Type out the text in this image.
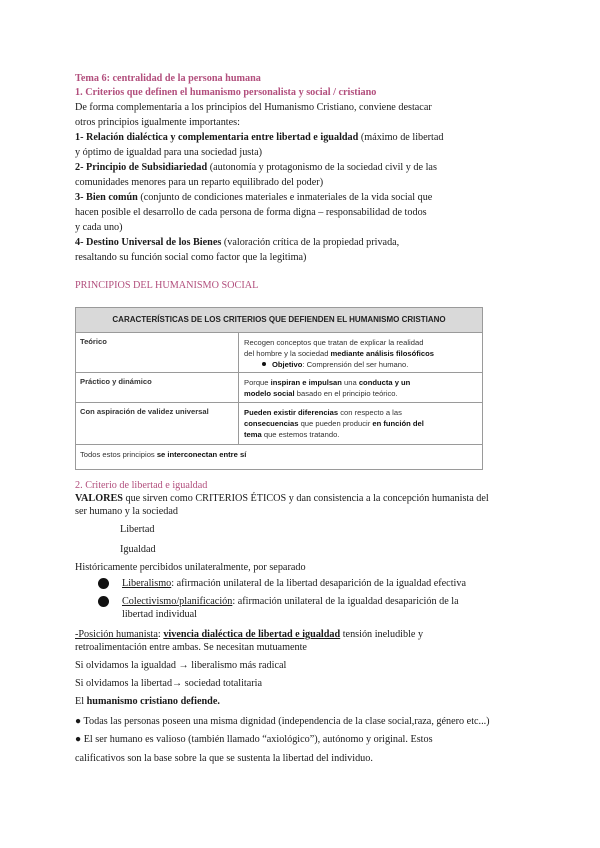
Tema 6: centralidad de la persona humana
1. Criterios que definen el humanismo personalista y social / cristiano
De forma complementaria a los principios del Humanismo Cristiano, conviene destacar
otros principios igualmente importantes:
1- Relación dialéctica y complementaria entre libertad e igualdad (máximo de libertad
y óptimo de igualdad para una sociedad justa)
2- Principio de Subsidiariedad (autonomía y protagonismo de la sociedad civil y de las
comunidades menores para un reparto equilibrado del poder)
3- Bien común (conjunto de condiciones materiales e inmateriales de la vida social que
hacen posible el desarrollo de cada persona de forma digna – responsabilidad de todos
y cada uno)
4- Destino Universal de los Bienes (valoración crítica de la propiedad privada,
resaltando su función social como factor que la legitima)
PRINCIPIOS DEL HUMANISMO SOCIAL
CARACTERÍSTICAS DE LOS CRITERIOS QUE DEFIENDEN EL HUMANISMO CRISTIANO
Teórico	Recogen conceptos que tratan de explicar la realidad
del hombre y la sociedad mediante análisis filosóficos
Objetivo: Comprensión del ser humano.
Práctico y dinámico	Porque inspiran e impulsan una conducta y un
modelo social basado en el principio teórico.
Con aspiración de validez universal	Pueden existir diferencias con respecto a las
consecuencias que pueden producir en función del
tema que estemos tratando.
Todos estos principios se interconectan entre sí
2. Criterio de libertad e igualdad
VALORES que sirven como CRITERIOS ÉTICOS y dan consistencia a la concepción humanista del
ser humano y la sociedad
Libertad
Igualdad
Históricamente percibidos unilateralmente, por separado
Liberalismo: afirmación unilateral de la libertad desaparición de la igualdad efectiva
Colectivismo/planificación: afirmación unilateral de la igualdad desaparición de la
libertad individual
-Posición humanista: vivencia dialéctica de libertad e igualdad tensión ineludible y
retroalimentación entre ambas. Se necesitan mutuamente
Si olvidamos la igualdad → liberalismo más radical
Si olvidamos la libertad→ sociedad totalitaria
El humanismo cristiano defiende.
● Todas las personas poseen una misma dignidad (independencia de la clase social,raza, género etc...)
● El ser humano es valioso (también llamado “axiológico”), autónomo y original. Estos
calificativos son la base sobre la que se sustenta la libertad del individuo.
